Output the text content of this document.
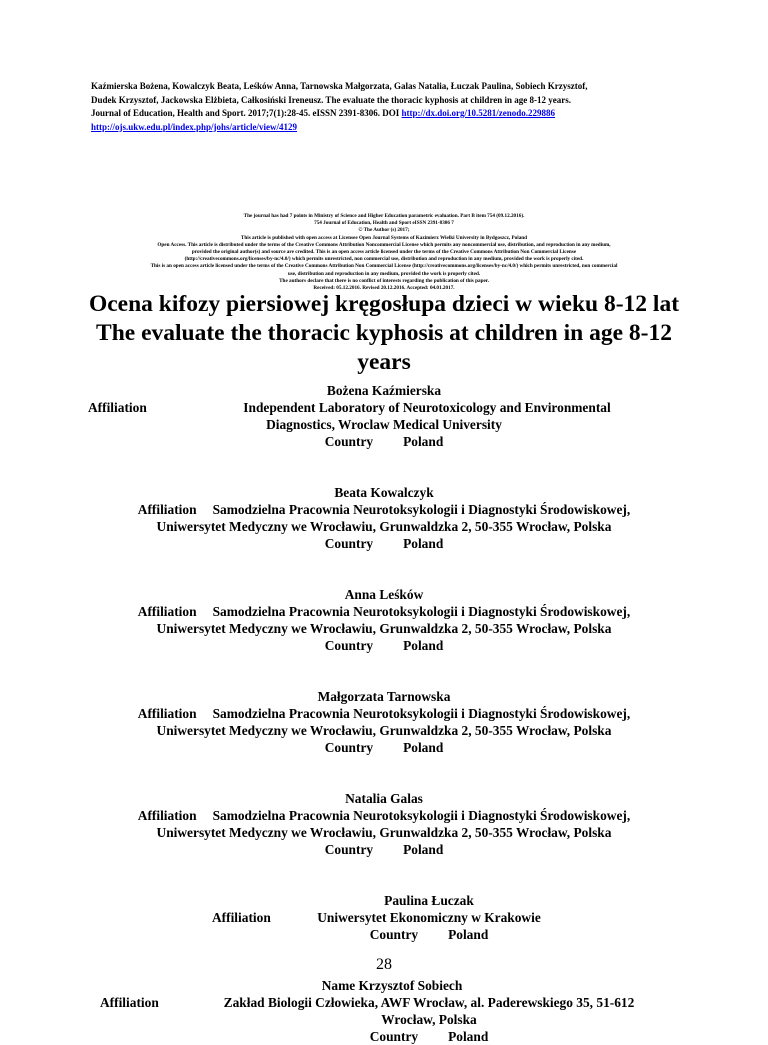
Kaźmierska Bożena, Kowalczyk Beata, Leśków Anna, Tarnowska Małgorzata, Galas Natalia, Łuczak Paulina, Sobiech Krzysztof,
Dudek Krzysztof, Jackowska Elżbieta, Całkosiński Ireneusz. The evaluate the thoracic kyphosis at children in age 8-12 years.
Journal of Education, Health and Sport. 2017;7(1):28-45. eISSN 2391-8306. DOI http://dx.doi.org/10.5281/zenodo.229886
http://ojs.ukw.edu.pl/index.php/johs/article/view/4129
The journal has had 7 points in Ministry of Science and Higher Education parametric evaluation. Part B item 754 (09.12.2016).
754 Journal of Education, Health and Sport eISSN 2391-8306 7
© The Author (s) 2017;
This article is published with open access at Licensee Open Journal Systems of Kazimierz Wielki University in Bydgoszcz, Poland
Open Access. This article is distributed under the terms of the Creative Commons Attribution Noncommercial License which permits any noncommercial use, distribution, and reproduction in any medium,
provided the original author(s) and source are credited. This is an open access article licensed under the terms of the Creative Commons Attribution Non Commercial License
(http://creativecommons.org/licenses/by-nc/4.0/) which permits unrestricted, non commercial use, distribution and reproduction in any medium, provided the work is properly cited.
This is an open access article licensed under the terms of the Creative Commons Attribution Non Commercial License (http://creativecommons.org/licenses/by-nc/4.0/) which permits unrestricted, non commercial
use, distribution and reproduction in any medium, provided the work is properly cited.
The authors declare that there is no conflict of interests regarding the publication of this paper.
Received: 05.12.2016. Revised 20.12.2016. Accepted: 04.01.2017.
Ocena kifozy piersiowej kręgosłupa dzieci w wieku 8-12 lat
The evaluate the thoracic kyphosis at children in age 8-12
years
Bożena Kaźmierska
Affiliation	Independent Laboratory of Neurotoxicology and Environmental
Diagnostics, Wroclaw Medical University
Country Poland
Beata Kowalczyk
Affiliation Samodzielna Pracownia Neurotoksykologii i Diagnostyki Środowiskowej,
Uniwersytet Medyczny we Wrocławiu, Grunwaldzka 2, 50-355 Wrocław, Polska
Country Poland
Anna Leśków
Affiliation Samodzielna Pracownia Neurotoksykologii i Diagnostyki Środowiskowej,
Uniwersytet Medyczny we Wrocławiu, Grunwaldzka 2, 50-355 Wrocław, Polska
Country Poland
Małgorzata Tarnowska
Affiliation Samodzielna Pracownia Neurotoksykologii i Diagnostyki Środowiskowej,
Uniwersytet Medyczny we Wrocławiu, Grunwaldzka 2, 50-355 Wrocław, Polska
Country Poland
Natalia Galas
Affiliation Samodzielna Pracownia Neurotoksykologii i Diagnostyki Środowiskowej,
Uniwersytet Medyczny we Wrocławiu, Grunwaldzka 2, 50-355 Wrocław, Polska
Country Poland
Paulina Łuczak
Affiliation	Uniwersytet Ekonomiczny w Krakowie
Country Poland
Name Krzysztof Sobiech
Affiliation	Zakład Biologii Człowieka, AWF Wrocław, al. Paderewskiego 35, 51-612
Wrocław, Polska
Country Poland
28
